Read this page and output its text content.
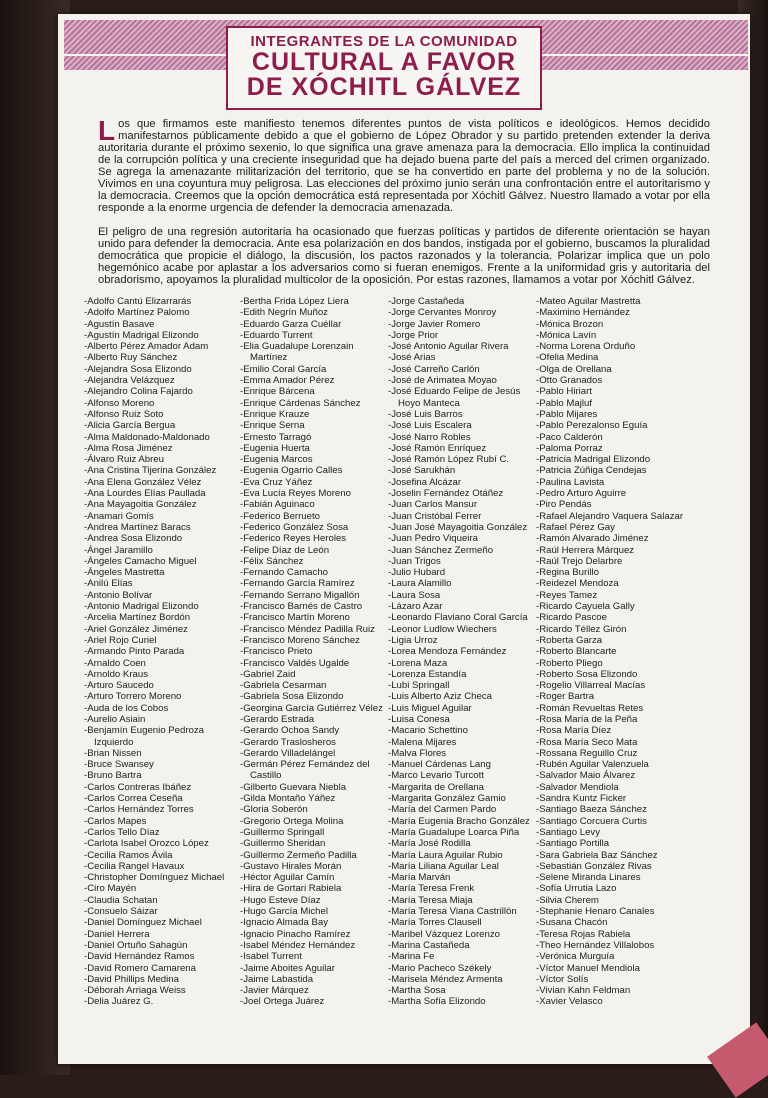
INTEGRANTES DE LA COMUNIDAD
CULTURAL A FAVOR
DE XÓCHITL GÁLVEZ
Los que firmamos este manifiesto tenemos diferentes puntos de vista políticos e ideológicos. Hemos decidido manifestarnos públicamente debido a que el gobierno de López Obrador y su partido pretenden extender la deriva autoritaria durante el próximo sexenio, lo que significa una grave amenaza para la democracia. Ello implica la continuidad de la corrupción política y una creciente inseguridad que ha dejado buena parte del país a merced del crimen organizado. Se agrega la amenazante militarización del territorio, que se ha convertido en parte del problema y no de la solución. Vivimos en una coyuntura muy peligrosa. Las elecciones del próximo junio serán una confrontación entre el autoritarismo y la democracia. Creemos que la opción democrática está representada por Xóchitl Gálvez. Nuestro llamado a votar por ella responde a la enorme urgencia de defender la democracia amenazada.
El peligro de una regresión autoritaria ha ocasionado que fuerzas políticas y partidos de diferente orientación se hayan unido para defender la democracia. Ante esa polarización en dos bandos, instigada por el gobierno, buscamos la pluralidad democrática que propicie el diálogo, la discusión, los pactos razonados y la tolerancia. Polarizar implica que un polo hegemónico acabe por aplastar a los adversarios como si fueran enemigos. Frente a la uniformidad gris y autoritaria del obradorismo, apoyamos la pluralidad multicolor de la oposición. Por estas razones, llamamos a votar por Xóchitl Gálvez.
-Adolfo Cantú Elizarrarás
-Adolfo Martínez Palomo
-Agustín Basave
-Agustín Madrigal Elizondo
-Alberto Pérez Amador Adam
-Alberto Ruy Sánchez
-Alejandra Sosa Elizondo
-Alejandra Velázquez
-Alejandro Colina Fajardo
-Alfonso Moreno
-Alfonso Ruiz Soto
-Alicia García Bergua
-Alma Maldonado-Maldonado
-Alma Rosa Jiménez
-Álvaro Ruiz Abreu
-Ana Cristina Tijerina González
-Ana Elena González Vélez
-Ana Lourdes Elías Paullada
-Ana Mayagoitia González
-Anamari Gomís
-Andrea Martínez Baracs
-Andrea Sosa Elizondo
-Ángel Jaramillo
-Ángeles Camacho Miguel
-Ángeles Mastretta
-Anilú Elías
-Antonio Bolívar
-Antonio Madrigal Elizondo
-Arcelia Martínez Bordón
-Ariel González Jiménez
-Ariel Rojo Curiel
-Armando Pinto Parada
-Arnaldo Coen
-Arnoldo Kraus
-Arturo Saucedo
-Arturo Torrero Moreno
-Auda de los Cobos
-Aurelio Asiain
-Benjamín Eugenio Pedroza
Izquierdo
-Brian Nissen
-Bruce Swansey
-Bruno Bartra
-Carlos Contreras Ibáñez
-Carlos Correa Ceseña
-Carlos Hernández Torres
-Carlos Mapes
-Carlos Tello Díaz
-Carlota Isabel Orozco López
-Cecilia Ramos Ávila
-Cecilia Rangel Havaux
-Christopher Domínguez Michael
-Ciro Mayén
-Claudia Schatan
-Consuelo Sáizar
-Daniel Domínguez Michael
-Daniel Herrera
-Daniel Ortuño Sahagún
-David Hernández Ramos
-David Romero Camarena
-David Phillips Medina
-Déborah Arriaga Weiss
-Delia Juárez G.
-Bertha Frida López Liera
-Edith Negrín Muñoz
-Eduardo Garza Cuéllar
-Eduardo Turrent
-Elia Guadalupe Lorenzain
Martínez
-Emilio Coral García
-Emma Amador Pérez
-Enrique Bárcena
-Enrique Cárdenas Sánchez
-Enrique Krauze
-Enrique Serna
-Ernesto Tarragó
-Eugenia Huerta
-Eugenia Marcos
-Eugenia Ogarrio Calles
-Eva Cruz Yáñez
-Eva Lucía Reyes Moreno
-Fabián Aguinaco
-Federico Berrueto
-Federico González Sosa
-Federico Reyes Heroles
-Felipe Díaz de León
-Félix Sánchez
-Fernando Camacho
-Fernando García Ramírez
-Fernando Serrano Migallón
-Francisco Barnés de Castro
-Francisco Martín Moreno
-Francisco Méndez Padilla Ruiz
-Francisco Moreno Sánchez
-Francisco Prieto
-Francisco Valdés Ugalde
-Gabriel Zaid
-Gabriela Cesarman
-Gabriela Sosa Elizondo
-Georgina García Gutiérrez Vélez
-Gerardo Estrada
-Gerardo Ochoa Sandy
-Gerardo Traslosheros
-Gerardo Villadelángel
-Germán Pérez Fernández del
Castillo
-Gilberto Guevara Niebla
-Gilda Montaño Yáñez
-Gloria Soberón
-Gregorio Ortega Molina
-Guillermo Springall
-Guillermo Sheridan
-Guillermo Zermeño Padilla
-Gustavo Hirales Morán
-Héctor Aguilar Camín
-Hira de Gortari Rabiela
-Hugo Esteve Díaz
-Hugo García Michel
-Ignacio Almada Bay
-Ignacio Pinacho Ramírez
-Isabel Méndez Hernández
-Isabel Turrent
-Jaime Aboites Aguilar
-Jaime Labastida
-Javier Márquez
-Joel Ortega Juárez
-Jorge Castañeda
-Jorge Cervantes Monroy
-Jorge Javier Romero
-Jorge Prior
-José Antonio Aguilar Rivera
-José Arias
-José Carreño Carlón
-José de Arimatea Moyao
-José Eduardo Felipe de Jesús
Hoyo Manteca
-José Luis Barros
-José Luis Escalera
-José Narro Robles
-José Ramón Enríquez
-José Ramón López Rubí C.
-José Sarukhán
-Josefina Alcázar
-Joselin Fernández Otáñez
-Juan Carlos Mansur
-Juan Cristóbal Ferrer
-Juan José Mayagoitia González
-Juan Pedro Viqueira
-Juan Sánchez Zermeño
-Juan Trigos
-Julio Hubard
-Laura Alamillo
-Laura Sosa
-Lázaro Azar
-Leonardo Flaviano Coral García
-Leonor Ludlow Wiechers
-Ligia Urroz
-Lorea Mendoza Fernández
-Lorena Maza
-Lorenza Estandía
-Lubi Springall
-Luis Alberto Aziz Checa
-Luis Miguel Aguilar
-Luisa Conesa
-Macario Schettino
-Malena Mijares
-Malva Flores
-Manuel Cárdenas Lang
-Marco Levario Turcott
-Margarita de Orellana
-Margarita González Gamio
-María del Carmen Pardo
-María Eugenia Bracho González
-María Guadalupe Loarca Piña
-María José Rodilla
-María Laura Aguilar Rubio
-María Liliana Aguilar Leal
-María Marván
-María Teresa Frenk
-María Teresa Miaja
-María Teresa Viana Castrillón
-María Torres Clausell
-Maribel Vázquez Lorenzo
-Marina Castañeda
-Marina Fe
-Mario Pacheco Székely
-Marisela Méndez Armenta
-Martha Sosa
-Martha Sofía Elizondo
-Mateo Aguilar Mastretta
-Maximino Hernández
-Mónica Brozon
-Mónica Lavín
-Norma Lorena Orduño
-Ofelia Medina
-Olga de Orellana
-Otto Granados
-Pablo Hiriart
-Pablo Majluf
-Pablo Mijares
-Pablo Perezalonso Eguía
-Paco Calderón
-Paloma Porraz
-Patricia Madrigal Elizondo
-Patricia Zúñiga Cendejas
-Paulina Lavista
-Pedro Arturo Aguirre
-Piro Pendás
-Rafael Alejandro Vaquera Salazar
-Rafael Pérez Gay
-Ramón Alvarado Jiménez
-Raúl Herrera Márquez
-Raúl Trejo Delarbre
-Regina Burillo
-Reidezel Mendoza
-Reyes Tamez
-Ricardo Cayuela Gally
-Ricardo Pascoe
-Ricardo Téllez Girón
-Roberta Garza
-Roberto Blancarte
-Roberto Pliego
-Roberto Sosa Elizondo
-Rogelio Villarreal Macías
-Roger Bartra
-Román Revueltas Retes
-Rosa María de la Peña
-Rosa María Díez
-Rosa María Seco Mata
-Rossana Reguillo Cruz
-Rubén Aguilar Valenzuela
-Salvador Maio Álvarez
-Salvador Mendiola
-Sandra Kuntz Ficker
-Santiago Baeza Sánchez
-Santiago Corcuera Curtis
-Santiago Levy
-Santiago Portilla
-Sara Gabriela Baz Sánchez
-Sebastián González Rivas
-Selene Miranda Linares
-Sofía Urrutia Lazo
-Silvia Cherem
-Stephanie Henaro Canales
-Susana Chacón
-Teresa Rojas Rabiela
-Theo Hernández Villalobos
-Verónica Murguía
-Víctor Manuel Mendiola
-Víctor Solís
-Vivian Kahn Feldman
-Xavier Velasco
